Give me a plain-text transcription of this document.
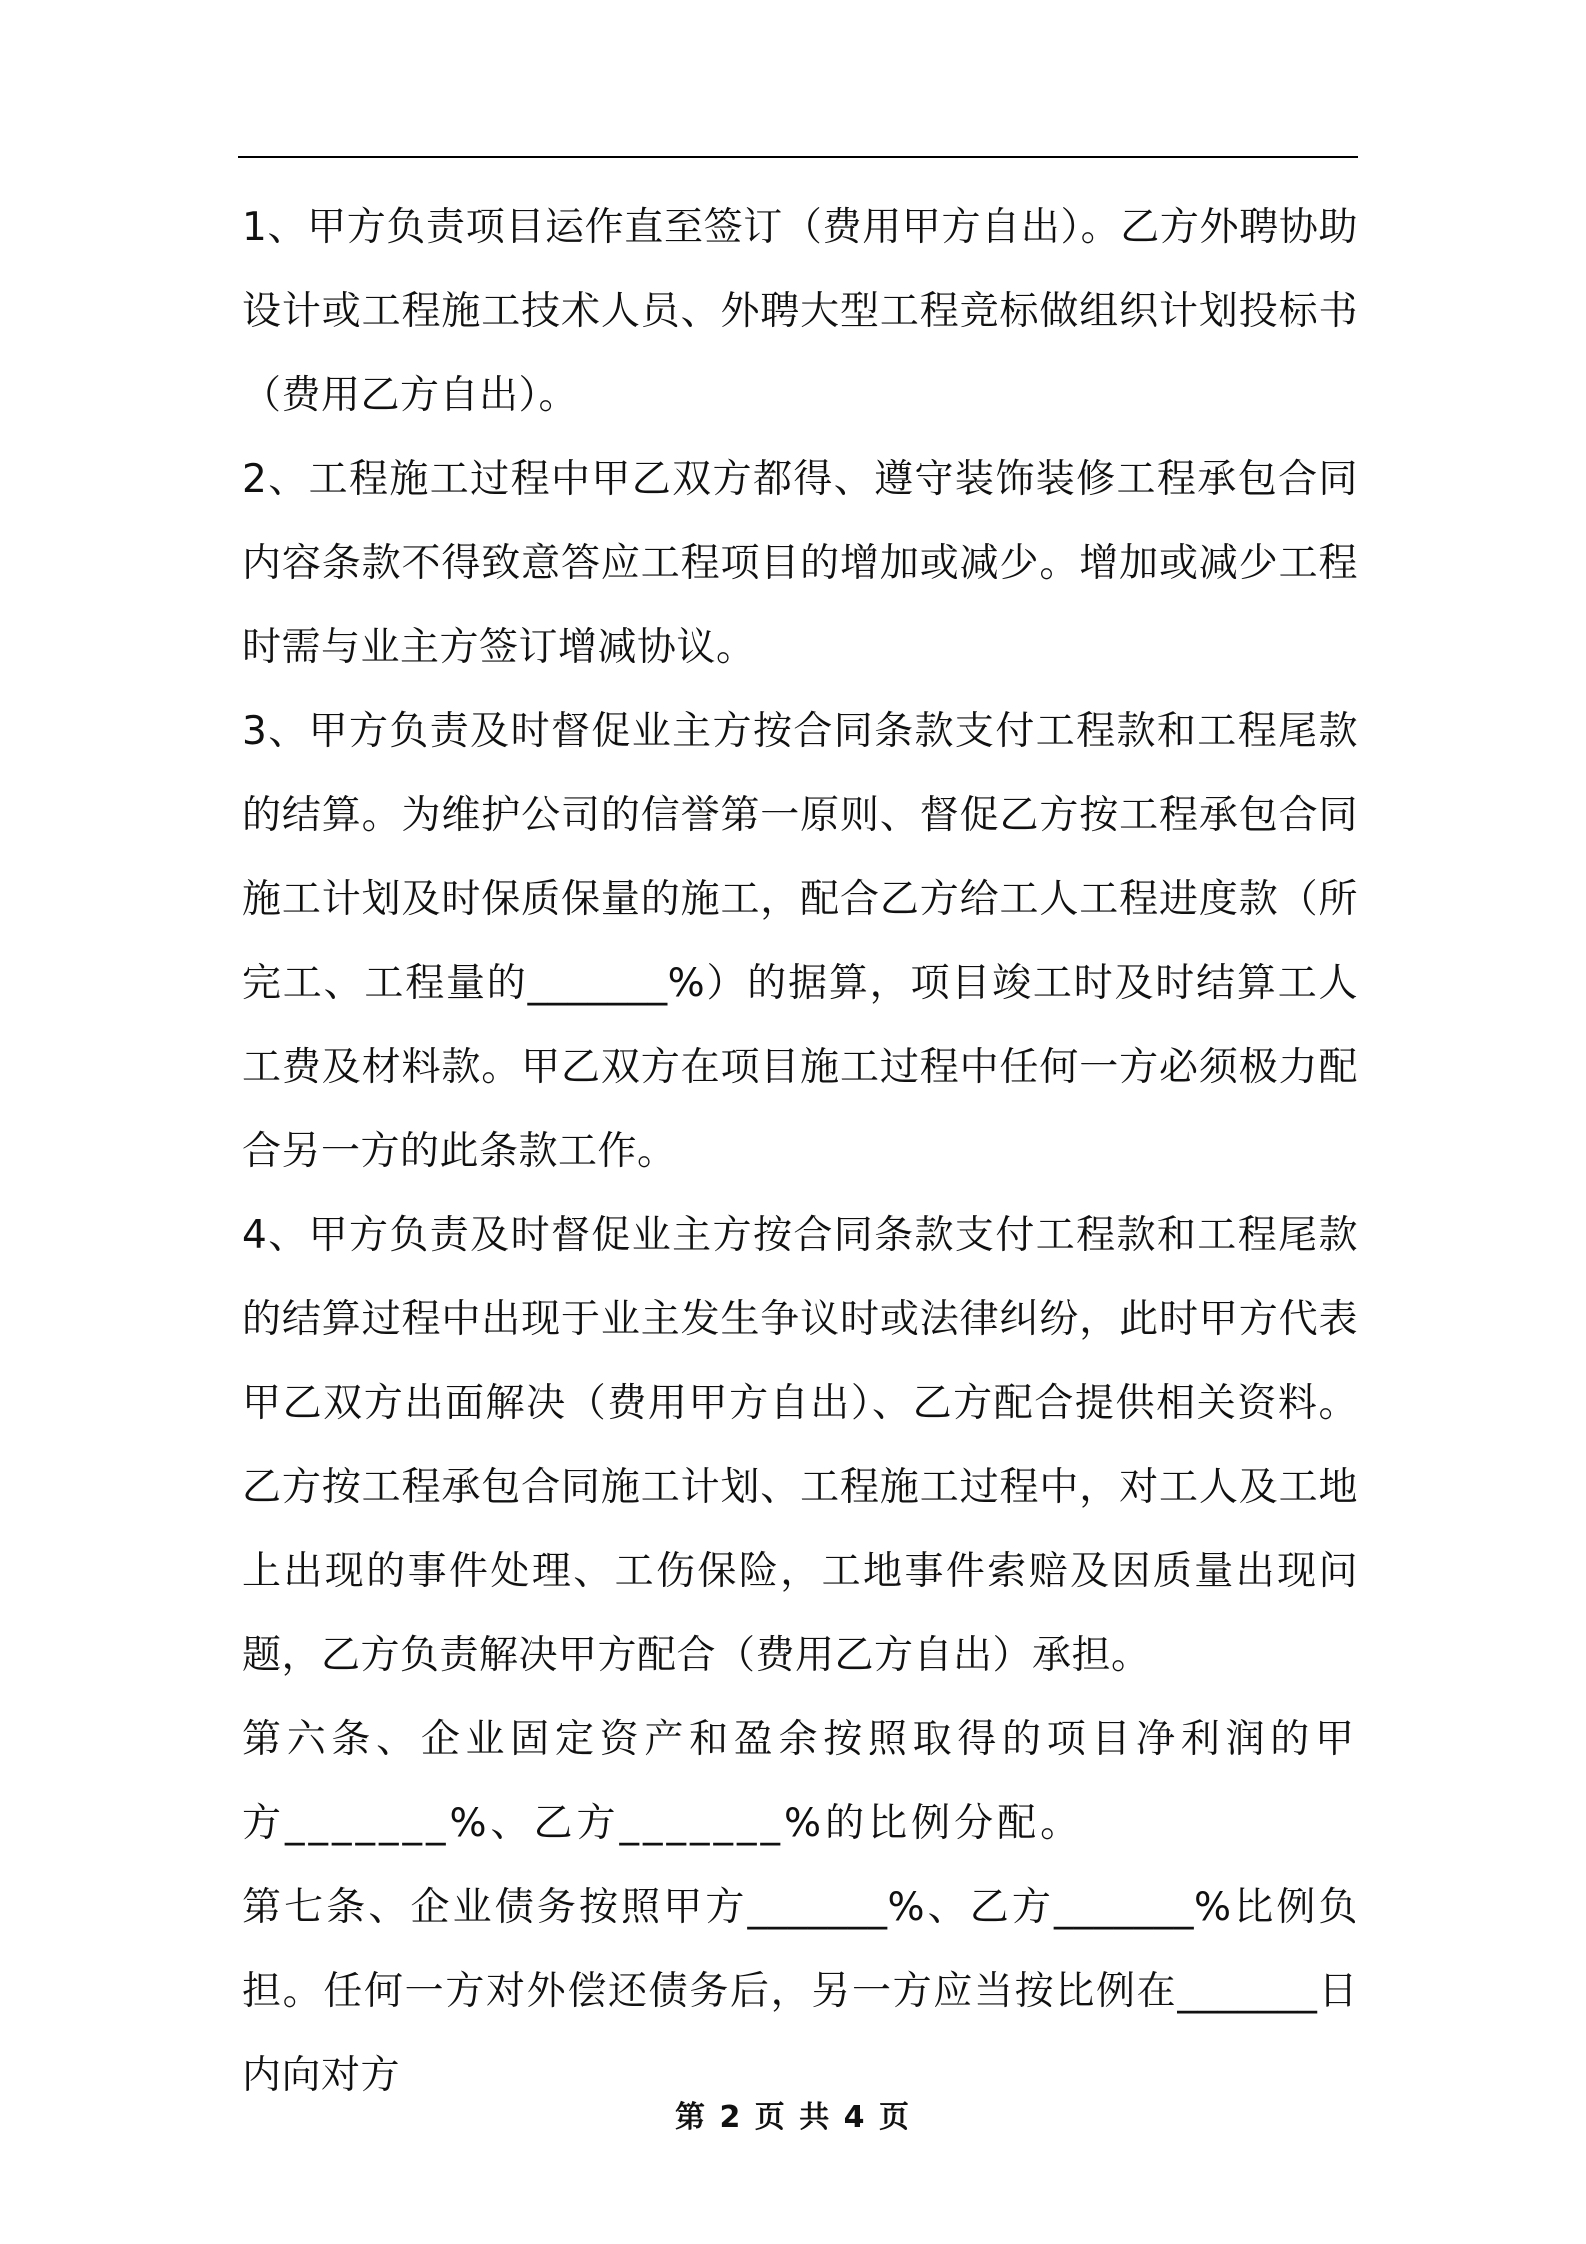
1、甲方负责项目运作直至签订（费用甲方自出）。乙方外聘协助设计或工程施工技术人员、外聘大型工程竞标做组织计划投标书（费用乙方自出）。

2、工程施工过程中甲乙双方都得、遵守装饰装修工程承包合同内容条款不得致意答应工程项目的增加或减少。增加或减少工程时需与业主方签订增减协议。

3、甲方负责及时督促业主方按合同条款支付工程款和工程尾款的结算。为维护公司的信誉第一原则、督促乙方按工程承包合同施工计划及时保质保量的施工，配合乙方给工人工程进度款（所完工、工程量的_______%）的据算，项目竣工时及时结算工人工费及材料款。甲乙双方在项目施工过程中任何一方必须极力配合另一方的此条款工作。

4、甲方负责及时督促业主方按合同条款支付工程款和工程尾款的结算过程中出现于业主发生争议时或法律纠纷，此时甲方代表甲乙双方出面解决（费用甲方自出）、乙方配合提供相关资料。乙方按工程承包合同施工计划、工程施工过程中，对工人及工地上出现的事件处理、工伤保险，工地事件索赔及因质量出现问题，乙方负责解决甲方配合（费用乙方自出）承担。

第六条、企业固定资产和盈余按照取得的项目净利润的甲方_______%、乙方_______%的比例分配。

第七条、企业债务按照甲方_______%、乙方_______%比例负担。任何一方对外偿还债务后，另一方应当按比例在_______日内向对方

第 2 页 共 4 页
